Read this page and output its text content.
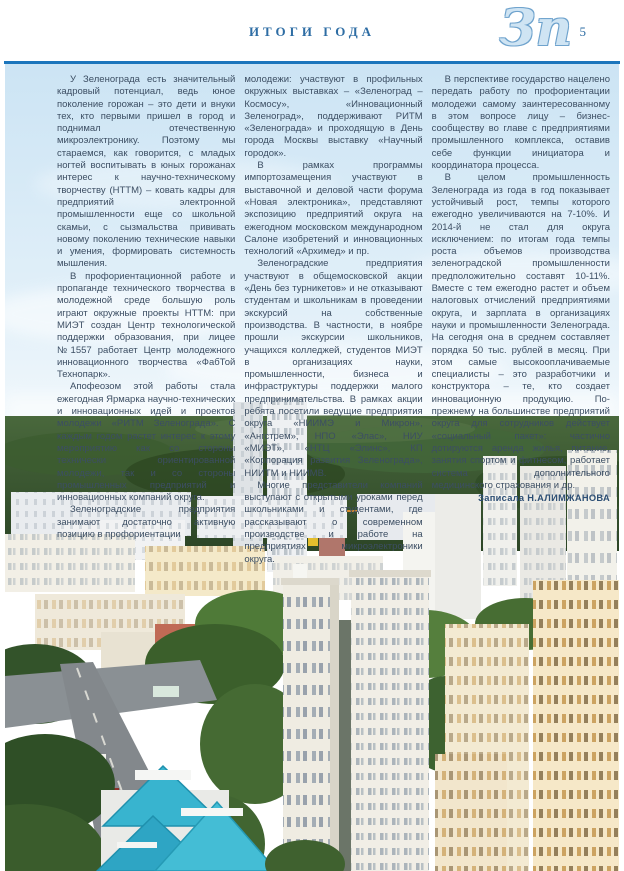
ИТОГИ ГОДА	Зп 5

У Зеленограда есть значительный кадровый потенциал, ведь юное поколение горожан – это дети и внуки тех, кто первыми пришел в город и поднимал отечественную микроэлектронику. Поэтому мы стараемся, как говорится, с младых ногтей воспитывать в юных горожанах интерес к научно-техническому творчеству (НТТМ) – ковать кадры для предприятий электронной промышленности еще со школьной скамьи, с сызмальства прививать новому поколению технические навыки и умения, формировать системность мышления.

В профориентационной работе и пропаганде технического творчества в молодежной среде большую роль играют окружные проекты НТТМ: при МИЭТ создан Центр технологической поддержки образования, при лицее №1557 работает Центр молодежного инновационного творчества «ФабТой Технопарк».

Апофеозом этой работы стала ежегодная Ярмарка научно-технических и инновационных идей и проектов молодежи «РИТМ Зеленограда». С каждым годом растет интерес к этому мероприятию как со стороны технически ориентированной молодежи, так и со стороны промышленных предприятий и инновационных компаний округа.

Зеленоградские предприятия занимают достаточно активную позицию в профориентации

молодежи: участвуют в профильных окружных выставках – «Зеленоград – Космосу», «Инновационный Зеленоград», поддерживают РИТМ «Зеленограда» и проходящую в День города Москвы выставку «Научный городок».

В рамках программы импортозамещения участвуют в выставочной и деловой части форума «Новая электроника», представляют экспозицию предприятий округа на ежегодном московском международном Салоне изобретений и инновационных технологий «Архимед» и пр.

Зеленоградские предприятия участвуют в общемосковской акции «День без турникетов» и не отказывают студентам и школьникам в проведении экскурсий на собственные производства. В частности, в ноябре прошли экскурсии школьников, учащихся колледжей, студентов МИЭТ в организациях науки, промышленности, бизнеса и инфраструктуры поддержки малого предпринимательства. В рамках акции ребята посетили ведущие предприятия округа «НИИМЭ и Микрон», «Ангстрем», НПО «Элас», НИУ «МИЭТ», «НТЦ «Элинс», КП «Корпорация развития Зеленограда», НИИТМ и НИИМВ.

Многие представители компаний выступают с открытыми уроками перед школьниками и студентами, где рассказывают о современном производстве и работе на предприятиях микроэлектроники округа.

В перспективе государство нацелено передать работу по профориентации молодежи самому заинтересованному в этом вопросе лицу – бизнес-сообществу во главе с предприятиями промышленного комплекса, оставив себе функции инициатора и координатора процесса.

В целом промышленность Зеленограда из года в год показывает устойчивый рост, темпы которого ежегодно увеличиваются на 7-10%. И 2014-й не стал для округа исключением: по итогам года темпы роста объемов производства зеленоградской промышленности предположительно составят 10-11%. Вместе с тем ежегодно растет и объем налоговых отчислений предприятиями округа, и зарплата в организациях науки и промышленности Зеленограда. На сегодня она в среднем составляет порядка 50 тыс. рублей в месяц. При этом самые высокооплачиваемые специалисты – это разработчики и конструктора – те, кто создает инновационную продукцию. По-прежнему на большинстве предприятий округа для сотрудников действует «социальный пакет»: частично дотируются аренда жилья, питание, занятия спортом и фитнесом, работает система дополнительного медицинского страхования и др.

Записала Н.АЛИМЖАНОВА
